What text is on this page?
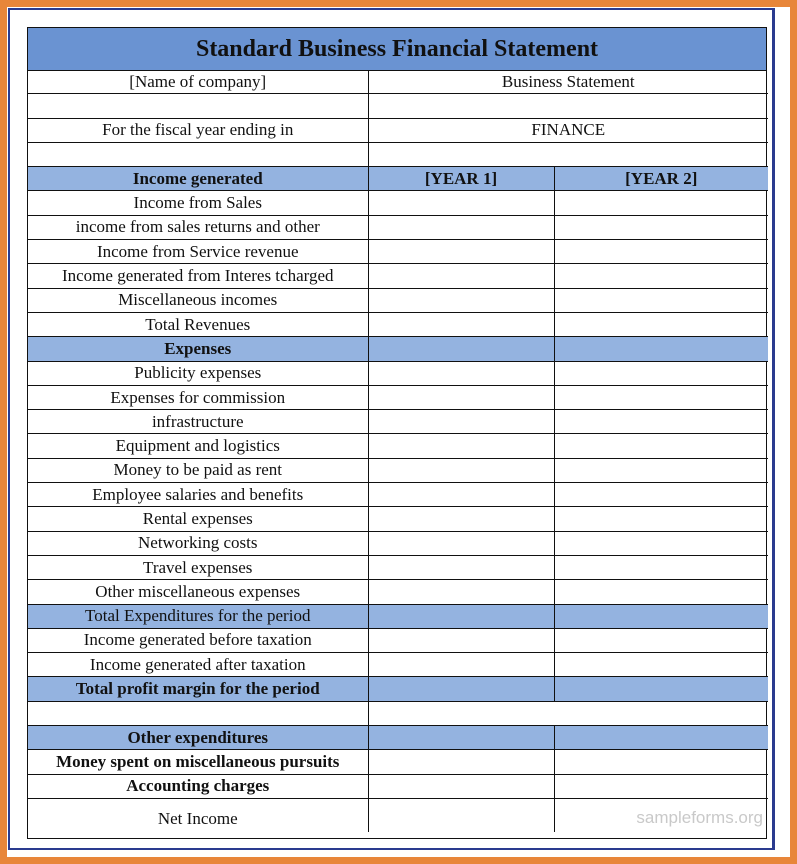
Standard Business Financial Statement
[Name of company]	Business Statement	

For the fiscal year ending in	FINANCE	

Income generated	[YEAR 1]	[YEAR 2]
Income from Sales		
income from sales returns and other		
Income from Service revenue		
Income generated from Interes tcharged		
Miscellaneous incomes		
Total Revenues		
Expenses		
Publicity expenses		
Expenses for commission		
infrastructure		
Equipment and logistics		
Money to be paid as rent		
Employee salaries and benefits		
Rental expenses		
Networking costs		
Travel expenses		
Other miscellaneous expenses		
Total Expenditures for the period		
Income generated before taxation		
Income generated after taxation		
Total profit margin for the period		

Other expenditures		
Money spent on miscellaneous pursuits		
Accounting charges		
Net Income			sampleforms.org
